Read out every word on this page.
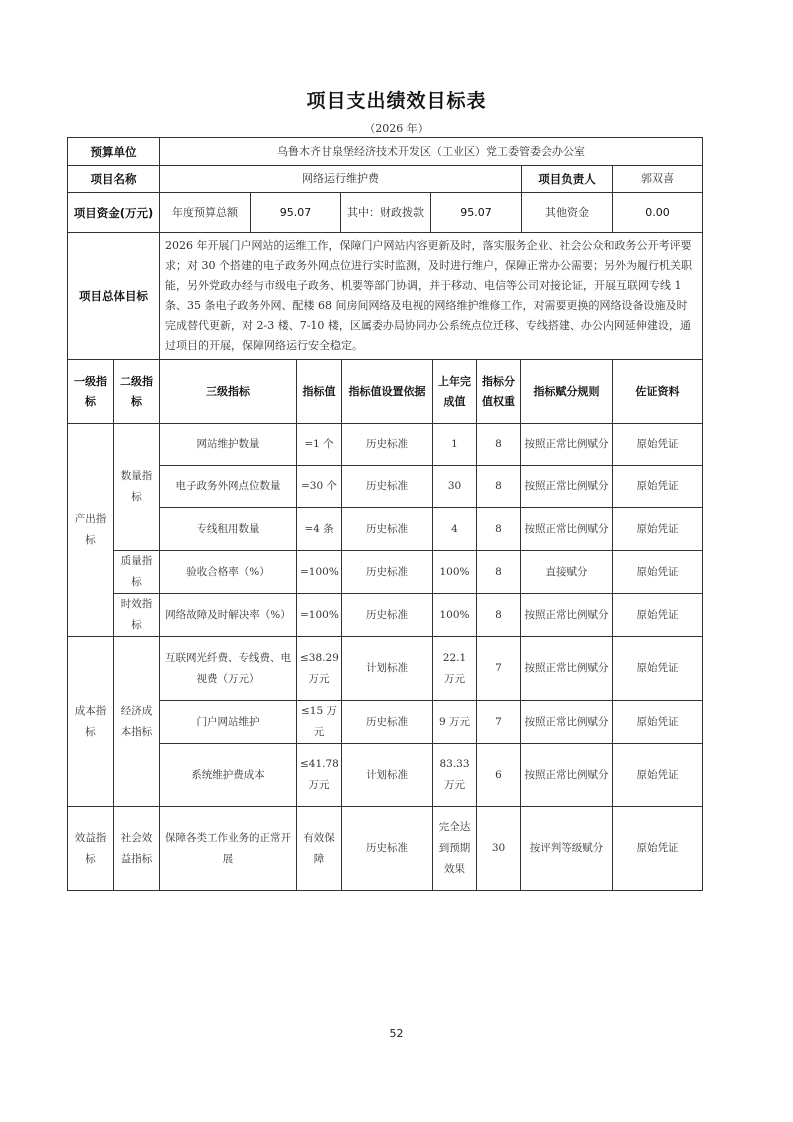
项目支出绩效目标表
（2026 年）
预算单位	乌鲁木齐甘泉堡经济技术开发区（工业区）党工委管委会办公室					
项目名称	网络运行维护费				项目负责人	郭双喜
项目资金(万元)	年度预算总额	95.07	其中：财政拨款	95.07	其他资金	0.00
项目总体目标	2026 年开展门户网站的运维工作，保障门户网站内容更新及时，落实服务企业、社会公众和政务公开考评要求；对 30 个搭建的电子政务外网点位进行实时监测，及时进行维户，保障正常办公需要；另外为履行机关职能，另外党政办经与市级电子政务、机要等部门协调，并于移动、电信等公司对接论证，开展互联网专线 1 条、35 条电子政务外网、配楼 68 间房间网络及电视的网络维护维修工作，对需要更换的网络设备设施及时完成替代更新，对 2-3 楼、7-10 楼，区属委办局协同办公系统点位迁移、专线搭建、办公内网延伸建设，通过项目的开展，保障网络运行安全稳定。					
一级指标	二级指标	三级指标	指标值	指标值设置依据	上年完成值	指标分值权重	指标赋分规则	佐证资料
产出指标	数量指标	网站维护数量	=1 个	历史标准	1	8	按照正常比例赋分	原始凭证
		电子政务外网点位数量	=30 个	历史标准	30	8	按照正常比例赋分	原始凭证
		专线租用数量	=4 条	历史标准	4	8	按照正常比例赋分	原始凭证
	质量指标	验收合格率（%）	=100%	历史标准	100%	8	直接赋分	原始凭证
	时效指标	网络故障及时解决率（%）	=100%	历史标准	100%	8	按照正常比例赋分	原始凭证
成本指标	经济成本指标	互联网光纤费、专线费、电视费（万元）	≤38.29 万元	计划标准	22.1 万元	7	按照正常比例赋分	原始凭证
		门户网站维护	≤15 万元	历史标准	9 万元	7	按照正常比例赋分	原始凭证
		系统维护费成本	≤41.78 万元	计划标准	83.33 万元	6	按照正常比例赋分	原始凭证
效益指标	社会效益指标	保障各类工作业务的正常开展	有效保障	历史标准	完全达到预期效果	30	按评判等级赋分	原始凭证
52
